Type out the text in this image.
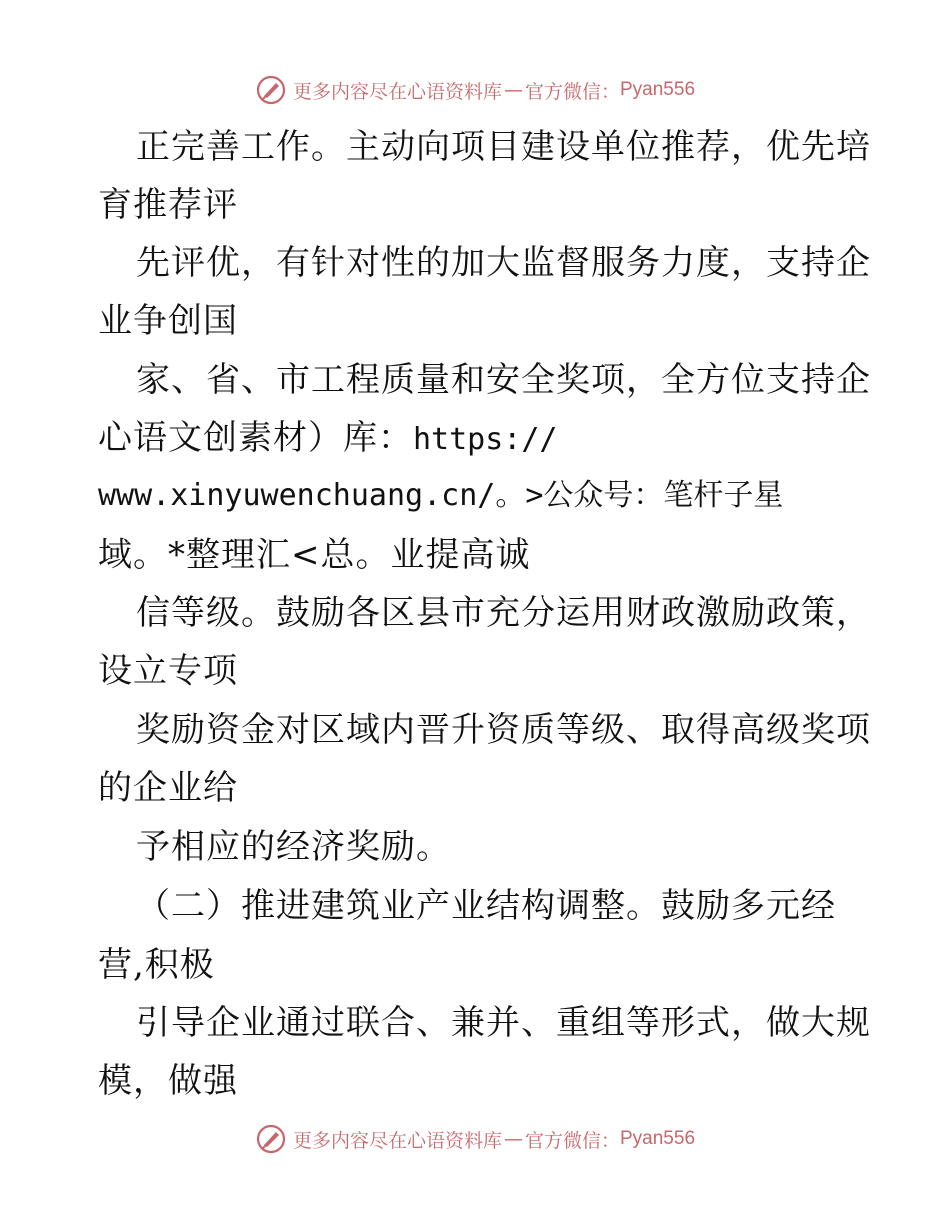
更多内容尽在心语资料库 — 官方微信： Pyan556
正完善工作。主动向项目建设单位推荐，优先培
育推荐评
先评优，有针对性的加大监督服务力度，支持企
业争创国
家、省、市工程质量和安全奖项，全方位支持企
心语文创素材）库：https://
www.xinyuwenchuang.cn/。>公众号：笔杆子星
域。*整理汇<总。业提高诚
信等级。鼓励各区县市充分运用财政激励政策，
设立专项
奖励资金对区域内晋升资质等级、取得高级奖项
的企业给
予相应的经济奖励。
（二）推进建筑业产业结构调整。鼓励多元经
营,积极
引导企业通过联合、兼并、重组等形式，做大规
模，做强
更多内容尽在心语资料库 — 官方微信： Pyan556
